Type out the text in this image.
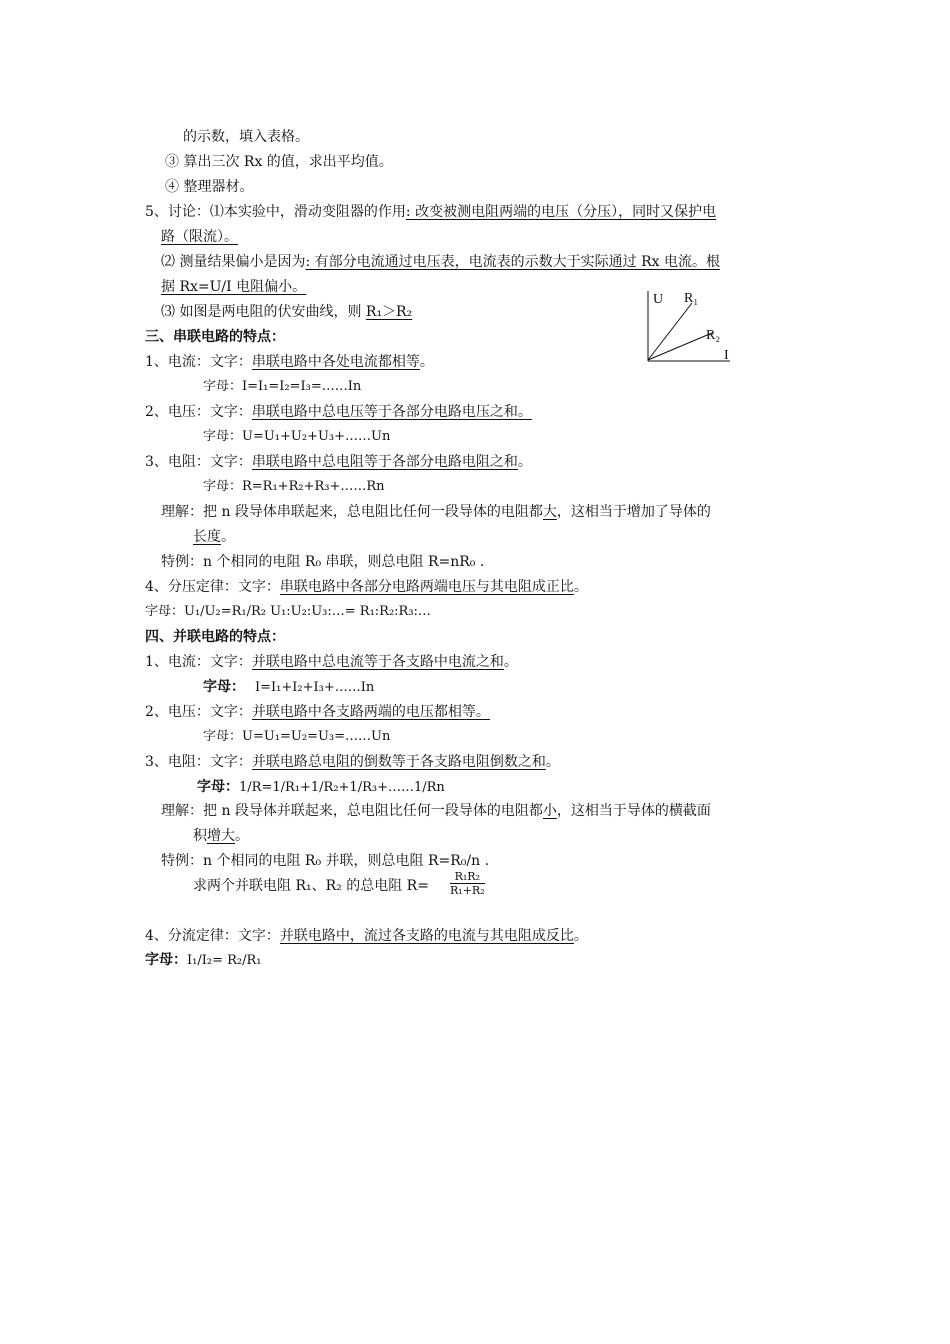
的示数，填入表格。
③ 算出三次 Rx 的值，求出平均值。
④ 整理器材。
5、讨论：⑴本实验中，滑动变阻器的作用: 改变被测电阻两端的电压（分压），同时又保护电
路（限流）。
⑵ 测量结果偏小是因为: 有部分电流通过电压表，电流表的示数大于实际通过 Rx 电流。根
据 Rx=U/I 电阻偏小。
⑶ 如图是两电阻的伏安曲线，则 R₁＞R₂
U
I
R₁
R₂
三、串联电路的特点：
1、电流：文字：串联电路中各处电流都相等。
字母：I=I₁=I₂=I₃=……In
2、电压：文字：串联电路中总电压等于各部分电路电压之和。
字母：U=U₁+U₂+U₃+……Un
3、电阻：文字：串联电路中总电阻等于各部分电路电阻之和。
字母：R=R₁+R₂+R₃+……Rn
理解：把 n 段导体串联起来，总电阻比任何一段导体的电阻都大，这相当于增加了导体的
长度。
特例：n 个相同的电阻 R₀ 串联，则总电阻 R=nR₀ .
4、分压定律：文字：串联电路中各部分电路两端电压与其电阻成正比。
字母：U₁/U₂=R₁/R₂ U₁:U₂:U₃:…= R₁:R₂:R₃:…
四、并联电路的特点：
1、电流：文字：并联电路中总电流等于各支路中电流之和。
字母： I=I₁+I₂+I₃+……In
2、电压：文字：并联电路中各支路两端的电压都相等。
字母：U=U₁=U₂=U₃=……Un
3、电阻：文字：并联电路总电阻的倒数等于各支路电阻倒数之和。
字母：1/R=1/R₁+1/R₂+1/R₃+……1/Rn
理解：把 n 段导体并联起来，总电阻比任何一段导体的电阻都小，这相当于导体的横截面
积增大。
特例：n 个相同的电阻 R₀ 并联，则总电阻 R=R₀/n .
求两个并联电阻 R₁、R₂ 的总电阻 $R= \frac{\text{R₁R₂}}{\text{R₁+R₂}}$
4、分流定律：文字：并联电路中，流过各支路的电流与其电阻成反比。
字母：I₁/I₂= R₂/R₁
